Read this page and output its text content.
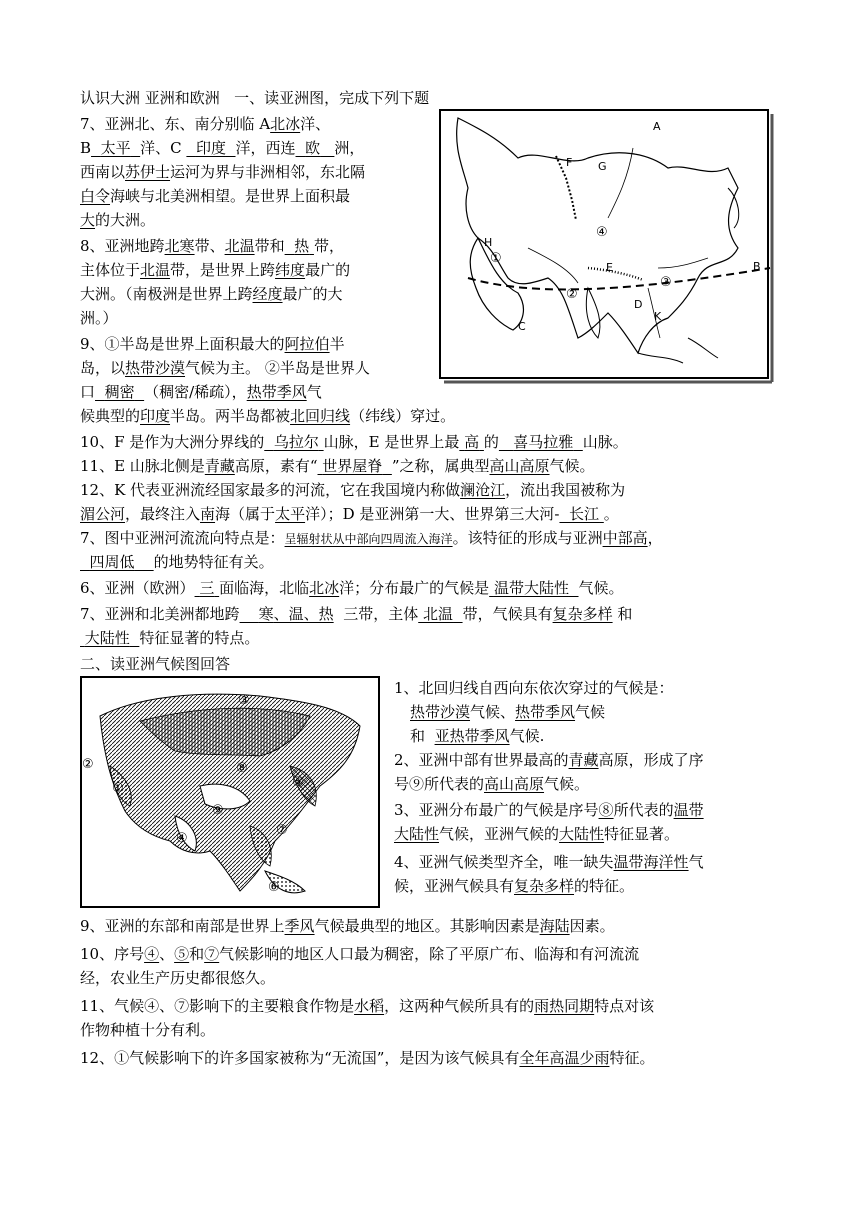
认识大洲 亚洲和欧洲 一、读亚洲图，完成下列下题
A
B
C
D
E
F G
H
K
①
②
③
④
7、亚洲北、东、南分别临 A北冰洋、
B 太平 洋、C 印度 洋，西连 欧 洲，
西南以苏伊士运河为界与非洲相邻，东北隔
白令海峡与北美洲相望。是世界上面积最
大的大洲。
8、亚洲地跨北寒带、北温带和 热 带，
主体位于北温带，是世界上跨纬度最广的
大洲。（南极洲是世界上跨经度最广的大
洲。）
9、①半岛是世界上面积最大的阿拉伯半
岛，以热带沙漠气候为主。 ②半岛是世界人
口 稠密 （稠密/稀疏），热带季风气
候典型的印度半岛。两半岛都被北回归线（纬线）穿过。
10、F 是作为大洲分界线的 乌拉尔 山脉，E 是世界上最 高 的 喜马拉雅 山脉。
11、E 山脉北侧是青藏高原，素有“ 世界屋脊 ”之称，属典型高山高原气候。
12、K 代表亚洲流经国家最多的河流，它在我国境内称做澜沧江，流出我国被称为
湄公河，最终注入南海（属于太平洋）；D 是亚洲第一大、世界第三大河- 长江 。
7、图中亚洲河流流向特点是：呈辐射状从中部向四周流入海洋。该特征的形成与亚洲中部高，
四周低 的地势特征有关。
6、亚洲（欧洲） 三 面临海，北临北冰洋；分布最广的气候是 温带大陆性 气候。
7、亚洲和北美洲都地跨 寒、温、热 三带，主体 北温 带，气候具有复杂多样 和
大陆性 特征显著的特点。
二、读亚洲气候图回答
①
②
③
④
⑤
⑥
⑦
⑧
⑨
1、北回归线自西向东依次穿过的气候是：
热带沙漠气候、热带季风气候
和 亚热带季风气候.
2、亚洲中部有世界最高的青藏高原，形成了序
号⑨所代表的高山高原气候。
3、亚洲分布最广的气候是序号⑧所代表的温带
大陆性气候，亚洲气候的大陆性特征显著。
4、亚洲气候类型齐全，唯一缺失温带海洋性气
候，亚洲气候具有复杂多样的特征。
9、亚洲的东部和南部是世界上季风气候最典型的地区。其影响因素是海陆因素。
10、序号④、⑤和⑦气候影响的地区人口最为稠密，除了平原广布、临海和有河流流
经，农业生产历史都很悠久。
11、气候④、⑦影响下的主要粮食作物是水稻，这两种气候所具有的雨热同期特点对该
作物种植十分有利。
12、①气候影响下的许多国家被称为“无流国”，是因为该气候具有全年高温少雨特征。
